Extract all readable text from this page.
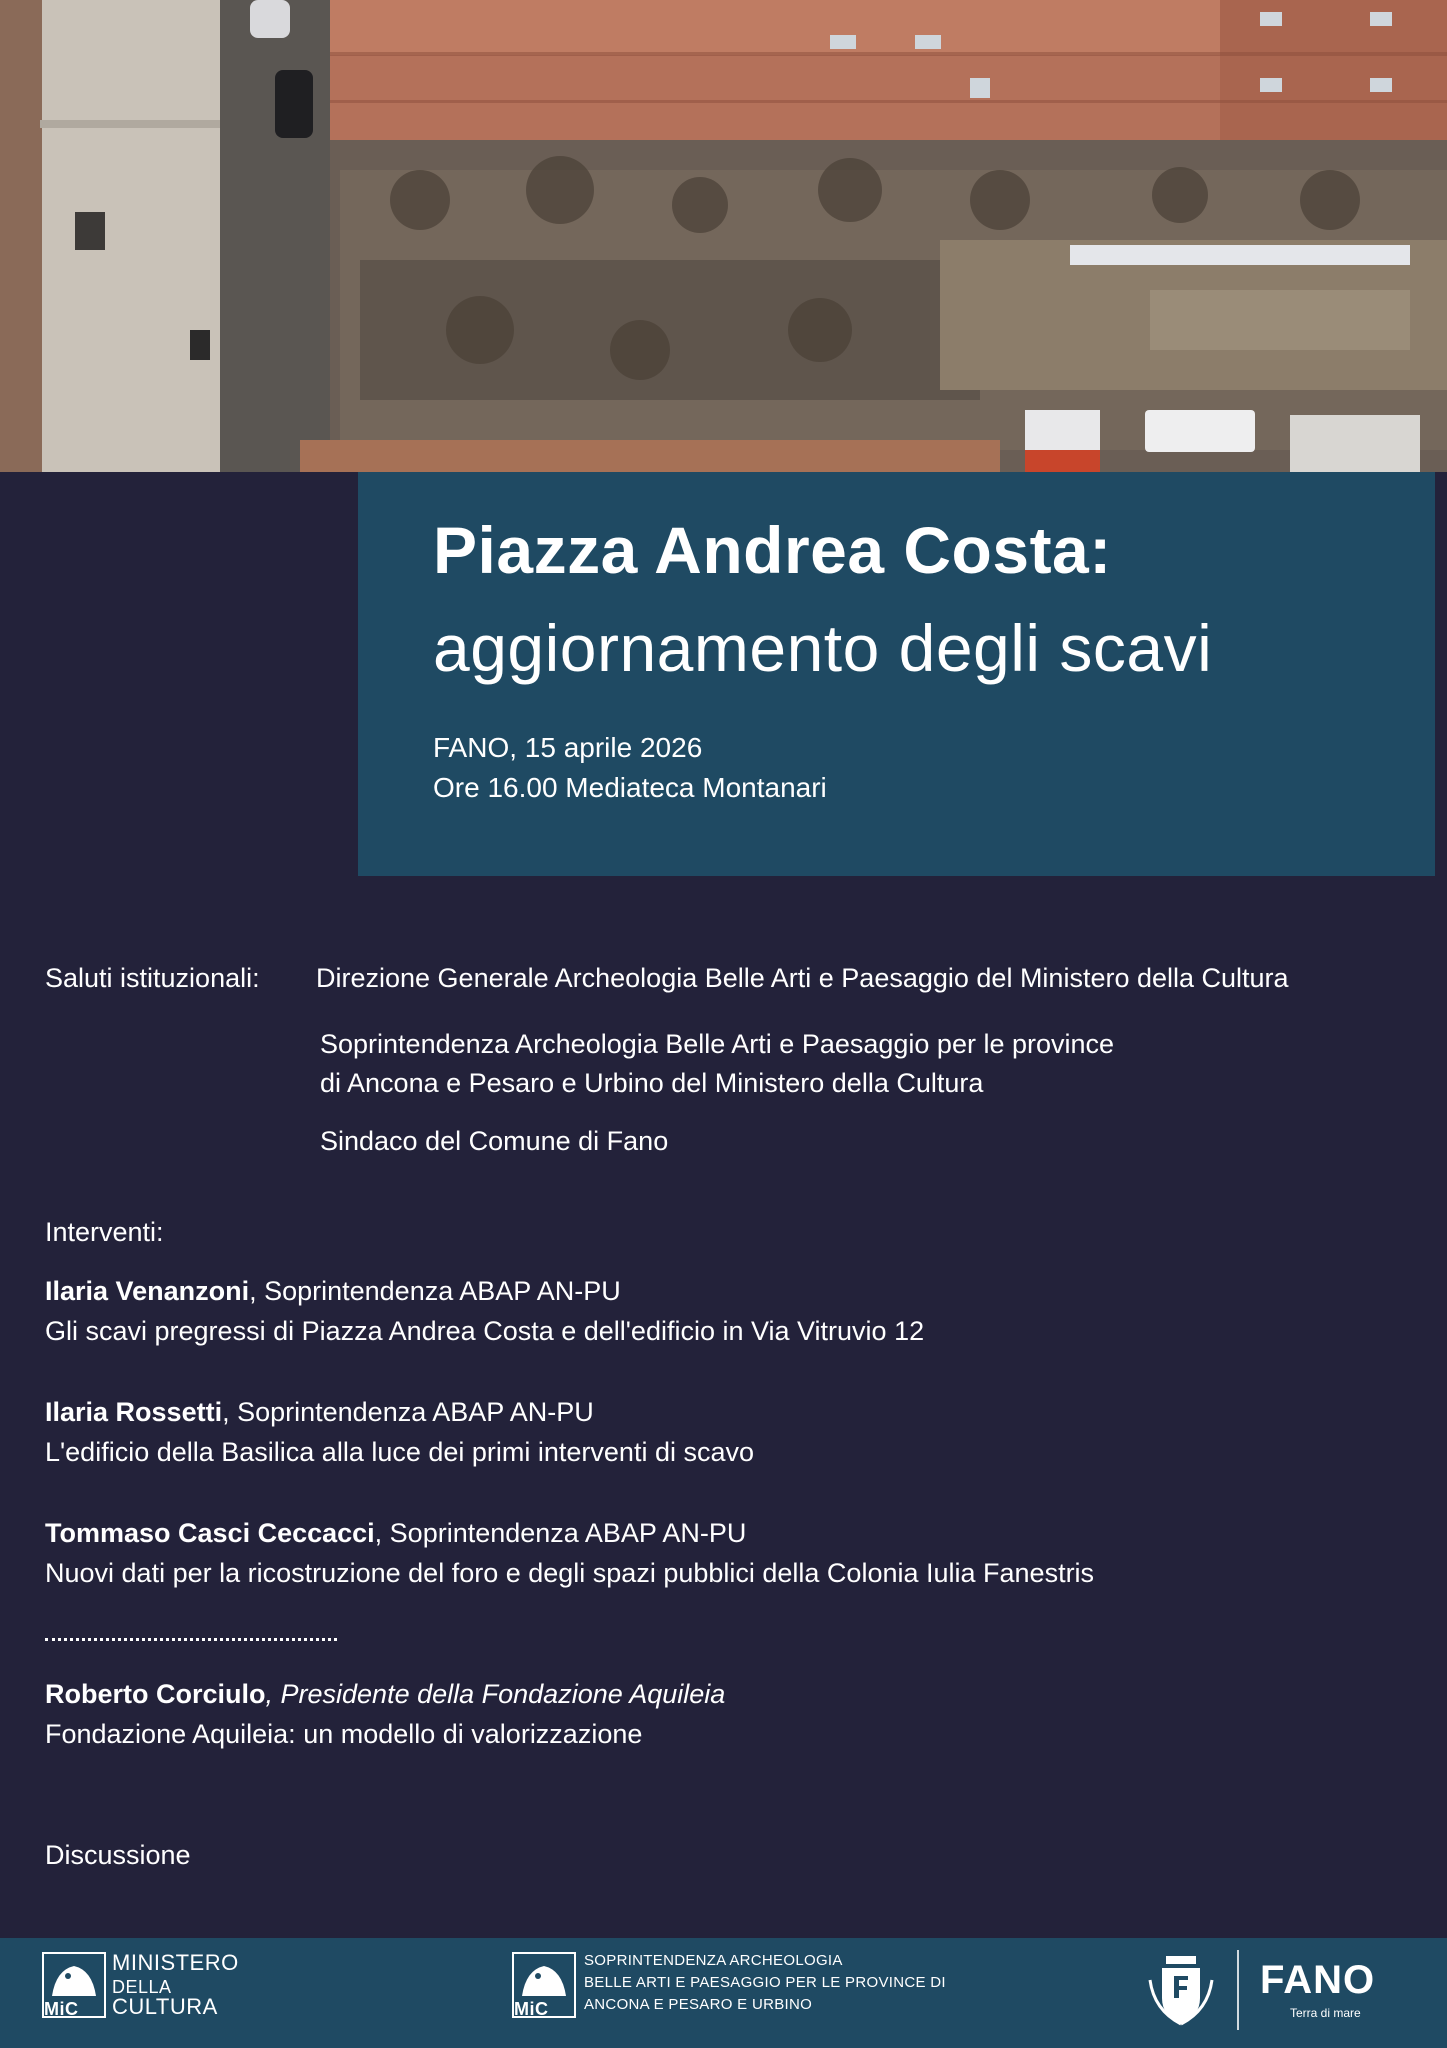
Piazza Andrea Costa:
aggiornamento degli scavi
FANO, 15 aprile 2026
Ore 16.00 Mediateca Montanari
Saluti istituzionali: Direzione Generale Archeologia Belle Arti e Paesaggio del Ministero della Cultura
Soprintendenza Archeologia Belle Arti e Paesaggio per le province
di Ancona e Pesaro e Urbino del Ministero della Cultura
Sindaco del Comune di Fano
Interventi:
Ilaria Venanzoni, Soprintendenza ABAP AN-PU
Gli scavi pregressi di Piazza Andrea Costa e dell'edificio in Via Vitruvio 12
Ilaria Rossetti, Soprintendenza ABAP AN-PU
L'edificio della Basilica alla luce dei primi interventi di scavo
Tommaso Casci Ceccacci, Soprintendenza ABAP AN-PU
Nuovi dati per la ricostruzione del foro e degli spazi pubblici della Colonia Iulia Fanestris
Roberto Corciulo, Presidente della Fondazione Aquileia
Fondazione Aquileia: un modello di valorizzazione
Discussione
MiC
MINISTERO
DELLA
CULTURA	MiC
SOPRINTENDENZA ARCHEOLOGIA
BELLE ARTI E PAESAGGIO PER LE PROVINCE DI
ANCONA E PESARO E URBINO
FANO
Terra di mare
